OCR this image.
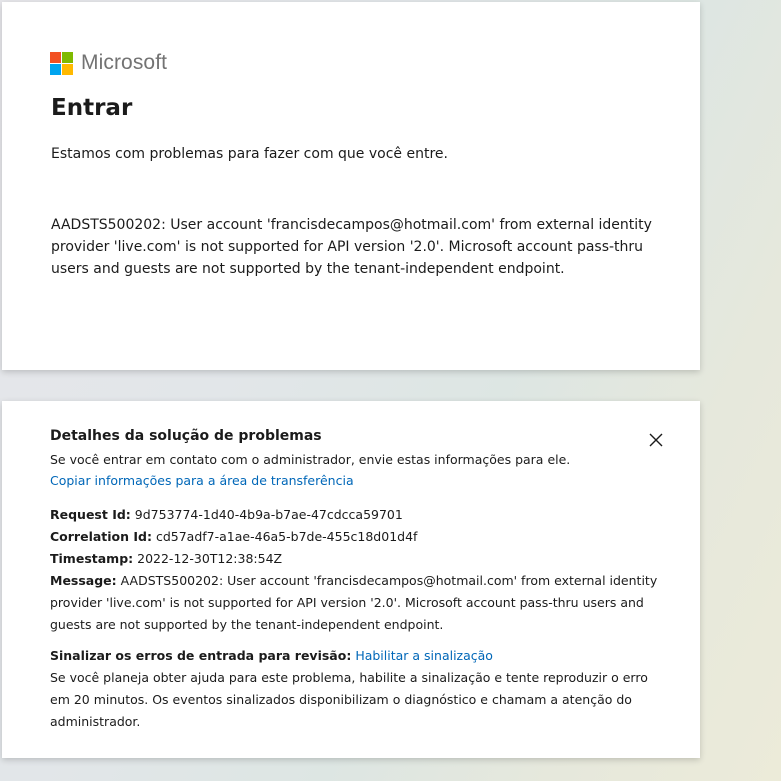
Microsoft
Entrar

Estamos com problemas para fazer com que você entre.

AADSTS500202: User account 'francisdecampos@hotmail.com' from external identity provider 'live.com' is not supported for API version '2.0'. Microsoft account pass-thru users and guests are not supported by the tenant-independent endpoint.

Detalhes da solução de problemas

Se você entrar em contato com o administrador, envie estas informações para ele.

Copiar informações para a área de transferência

Request Id: 9d753774-1d40-4b9a-b7ae-47cdcca59701

Correlation Id: cd57adf7-a1ae-46a5-b7de-455c18d01d4f

Timestamp: 2022-12-30T12:38:54Z

Message: AADSTS500202: User account 'francisdecampos@hotmail.com' from external identity provider 'live.com' is not supported for API version '2.0'. Microsoft account pass-thru users and guests are not supported by the tenant-independent endpoint.

Sinalizar os erros de entrada para revisão: Habilitar a sinalização

Se você planeja obter ajuda para este problema, habilite a sinalização e tente reproduzir o erro em 20 minutos. Os eventos sinalizados disponibilizam o diagnóstico e chamam a atenção do administrador.
